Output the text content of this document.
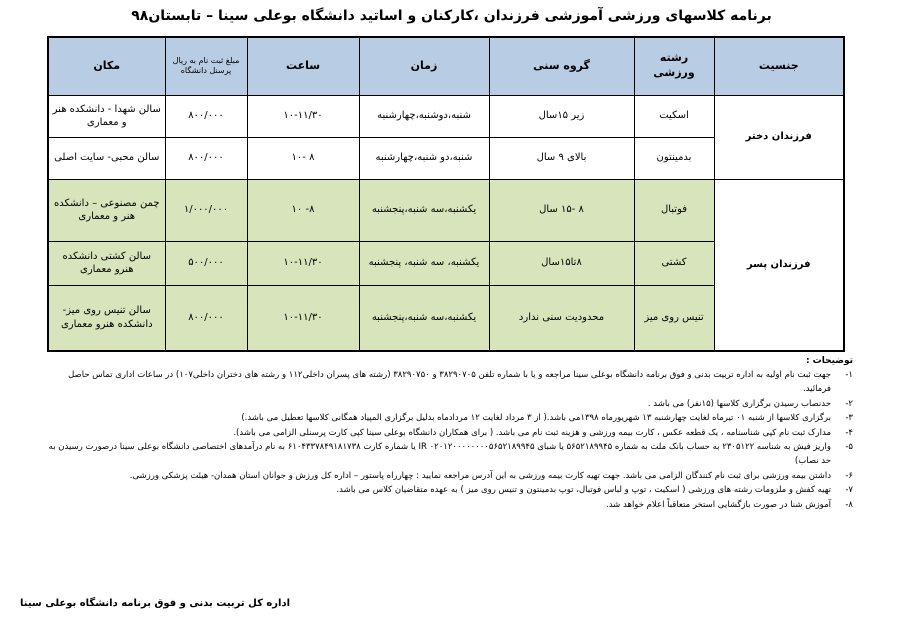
برنامه کلاسهای ورزشی آموزشی فرزندان ،کارکنان و اساتید دانشگاه بوعلی سینا – تابستان۹۸
جنسیت	رشته ورزشی	گروه سنی	زمان	ساعت	مبلغ ثبت نام به ریال پرسنل دانشگاه	مکان
فرزندان دختر	اسکیت	زیر ۱۵سال	شنبه،دوشنبه،چهارشنبه	۱۰-۱۱/۳۰	۸۰۰/۰۰۰	سالن شهدا - دانشکده هنر و معماری
	بدمینتون	بالای ۹ سال	شنبه،دو شنبه،چهارشنبه	۸ -۱۰	۸۰۰/۰۰۰	سالن محبی- سایت اصلی
فرزندان پسر	فوتبال	۸ -۱۵ سال	یکشنبه،سه شنبه،پنجشنبه	۸- ۱۰	۱/۰۰۰/۰۰۰	چمن مصنوعی – دانشکده هنر و معماری
	کشتی	۸تا۱۵سال	یکشنبه، سه شنبه، پنجشنبه	۱۰-۱۱/۳۰	۵۰۰/۰۰۰	سالن کشتی دانشکده هنرو معماری
	تنیس روی میز	محدودیت سنی ندارد	یکشنبه،سه شنبه،پنجشنبه	۱۰-۱۱/۳۰	۸۰۰/۰۰۰	سالن تنیس روی میز- دانشکده هنرو معماری
توضیحات :
۱-
جهت ثبت نام اولیه به اداره تربیت بدنی و فوق برنامه دانشگاه بوعلی سینا مراجعه و یا با شماره تلفن ۳۸۲۹۰۷۰۵ و ۳۸۲۹۰۷۵۰ (رشته های پسران داخلی۱۱۲ و رشته های دختران داخلی۱۰۷) در ساعات اداری تماس حاصل فرمائید.
۲-
حدنصاب رسیدن برگزاری کلاسها (۱۵نفر) می باشد .
۳-
برگزاری کلاسها از شنبه ۰۱ تیرماه لغایت چهارشنبه ۱۳ شهریورماه ۱۳۹۸می باشد.( از ۳ مرداد لغایت ۱۲ مردادماه بدلیل برگزاری المپیاد همگانی کلاسها تعطیل می باشد.)
۴-
مدارک ثبت نام کپی شناسنامه ، یک قطعه عکس ، کارت بیمه ورزشی و هزینه ثبت نام می باشد. ( برای همکاران دانشگاه بوعلی سینا کپی کارت پرسنلی الزامی می باشد).
۵-
واریز فیش به شناسه ۲۳۰۵۱۲۲ به حساب بانک ملت به شماره ۵۶۵۲۱۸۹۹۴۵ یا شبای ۰۲۰۱۲۰۰۰۰۰۰۰۰۵۶۵۲۱۸۹۹۴۵ IR یا شماره کارت ۶۱۰۴۳۳۷۸۴۹۱۸۱۷۳۸ به نام درآمدهای اختصاصی دانشگاه بوعلی سینا درصورت رسیدن به حد نصاب)
۶-
داشتن بیمه ورزشی برای ثبت نام کنندگان الزامی می باشد. جهت تهیه کارت بیمه ورزشی به این آدرس مراجعه نمایید : چهارراه پاستور – اداره کل ورزش و جوانان استان همدان- هیئت پزشکی ورزشی.
۷-
تهیه کفش و ملزومات رشته های ورزشی ( اسکیت ، توپ و لباس فوتبال، توپ بدمینتون و تنیس روی میز ) به عهده متقاضیان کلاس می باشد.
۸-
آموزش شنا در صورت بازگشایی استخر متعاقباً اعلام خواهد شد.
اداره کل تربیت بدنی و فوق برنامه دانشگاه بوعلی سینا
